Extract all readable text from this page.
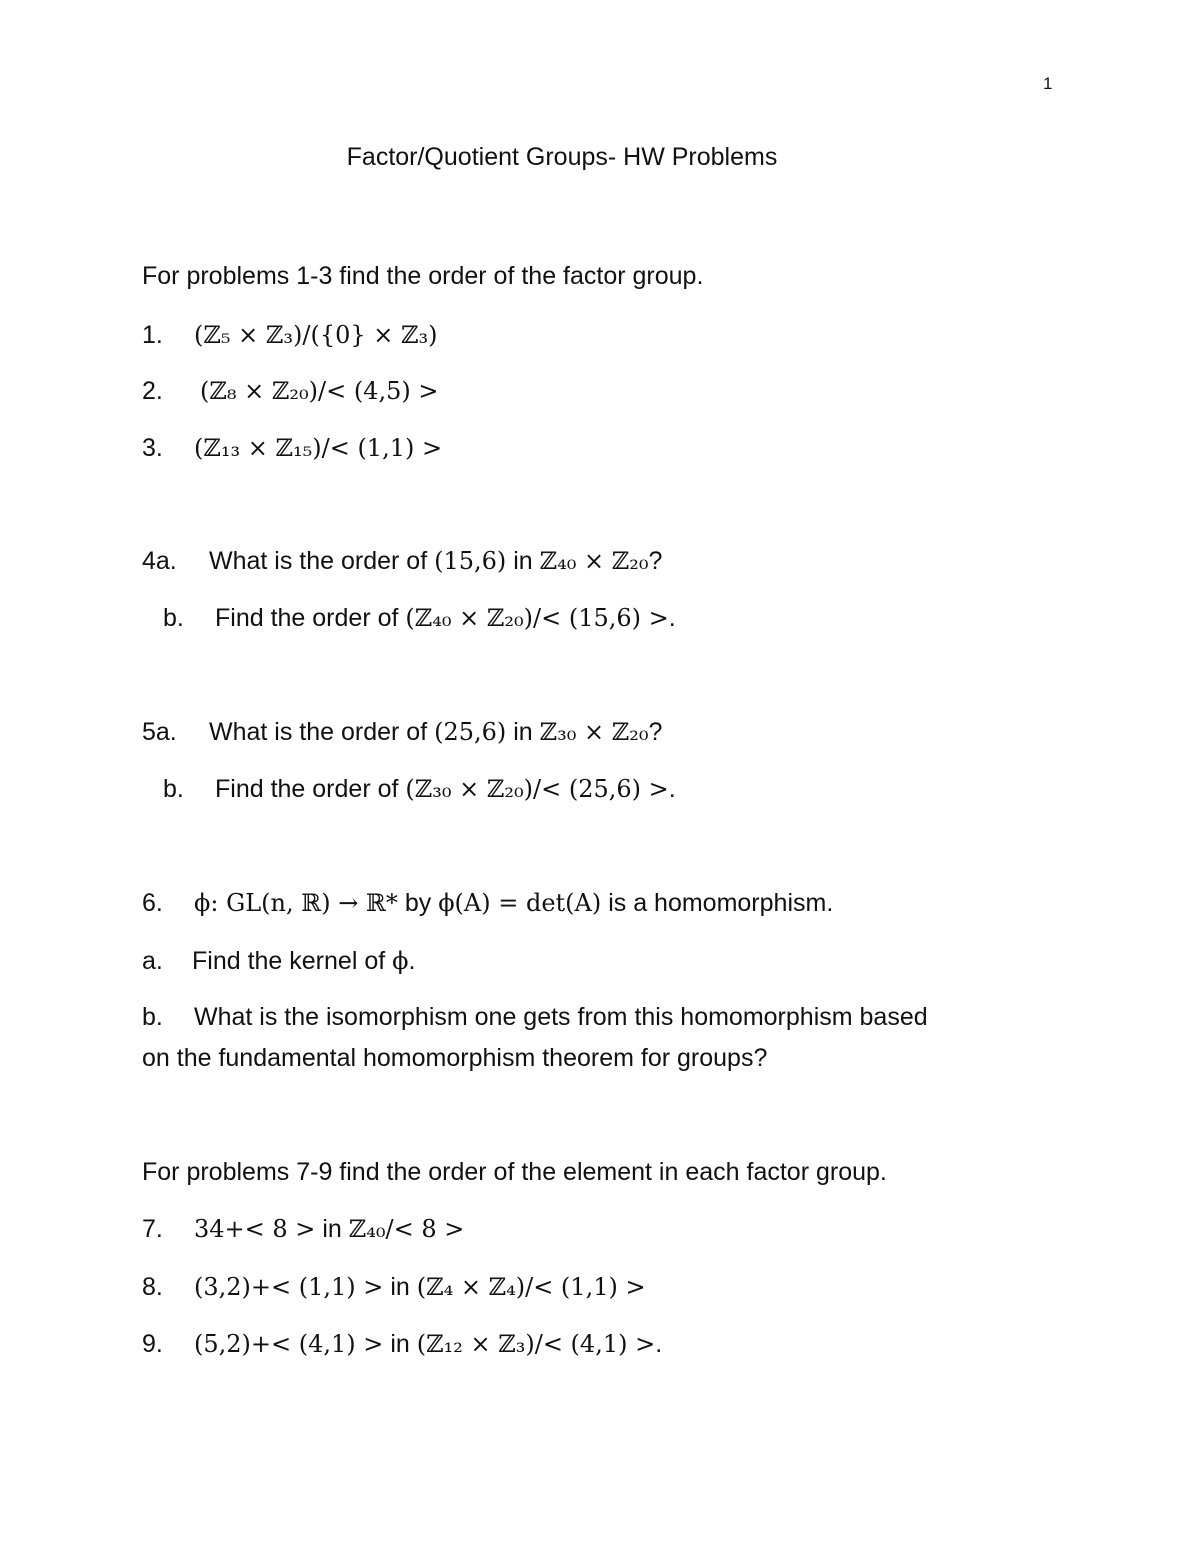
1
Factor/Quotient Groups- HW Problems
For problems 1-3 find the order of the factor group.
1. (ℤ₅ × ℤ₃)/({0} × ℤ₃)
2. (ℤ₈ × ℤ₂₀)/< (4,5) >
3. (ℤ₁₃ × ℤ₁₅)/< (1,1) >
4a. What is the order of (15,6) in ℤ₄₀ × ℤ₂₀?
b. Find the order of (ℤ₄₀ × ℤ₂₀)/< (15,6) >.
5a. What is the order of (25,6) in ℤ₃₀ × ℤ₂₀?
b. Find the order of (ℤ₃₀ × ℤ₂₀)/< (25,6) >.
6. ϕ: GL(n, ℝ) → ℝ* by ϕ(A) = det(A) is a homomorphism.
a. Find the kernel of ϕ.
b. What is the isomorphism one gets from this homomorphism based
on the fundamental homomorphism theorem for groups?
For problems 7-9 find the order of the element in each factor group.
7. 34+< 8 > in ℤ₄₀/< 8 >
8. (3,2)+< (1,1) > in (ℤ₄ × ℤ₄)/< (1,1) >
9. (5,2)+< (4,1) > in (ℤ₁₂ × ℤ₃)/< (4,1) >.
